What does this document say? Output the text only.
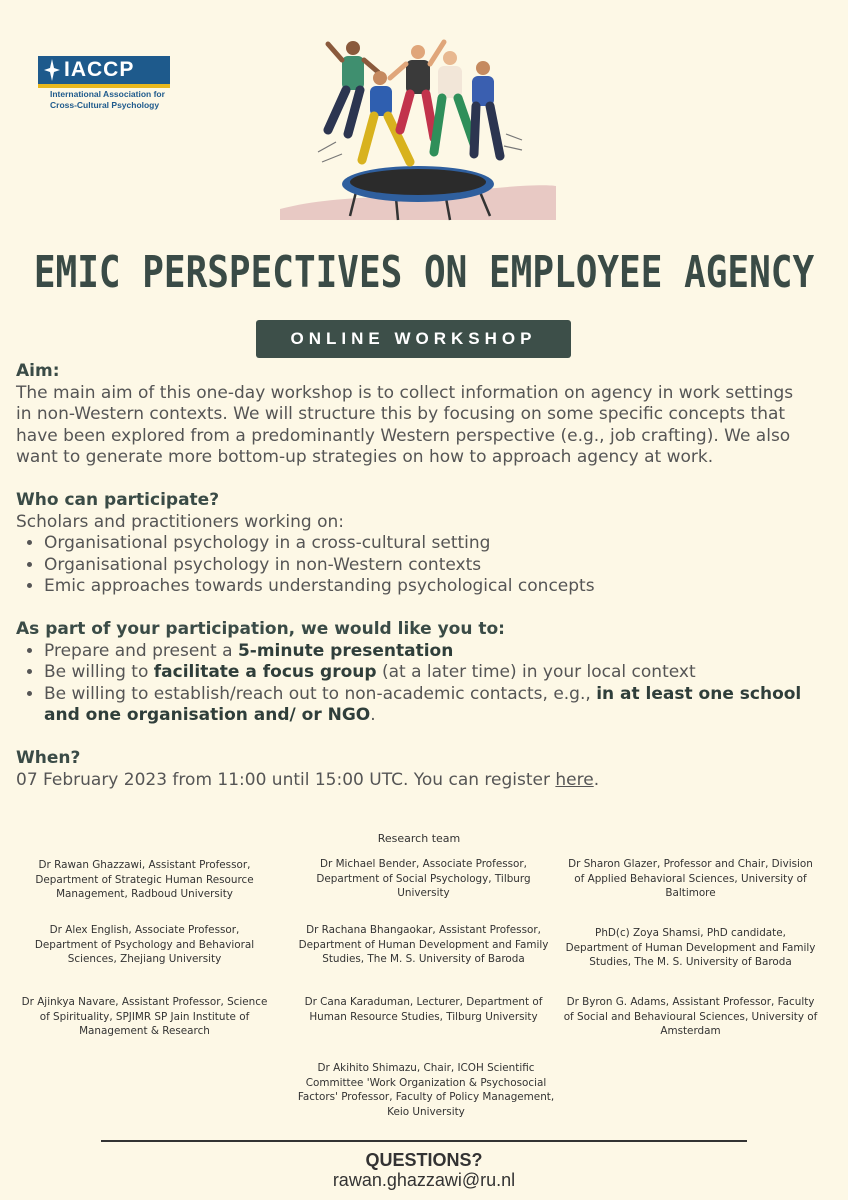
IACCP
International Association for
Cross-Cultural Psychology
EMIC PERSPECTIVES ON EMPLOYEE AGENCY
ONLINE WORKSHOP
Aim:

The main aim of this one-day workshop is to collect information on agency in work settings in non-Western contexts. We will structure this by focusing on some specific concepts that have been explored from a predominantly Western perspective (e.g., job crafting). We also want to generate more bottom-up strategies on how to approach agency at work.

Who can participate?

Scholars and practitioners working on:

• Organisational psychology in a cross-cultural setting
• Organisational psychology in non-Western contexts
• Emic approaches towards understanding psychological concepts
As part of your participation, we would like you to:
• Prepare and present a 5-minute presentation
• Be willing to facilitate a focus group (at a later time) in your local context
• Be willing to establish/reach out to non-academic contacts, e.g., in at least one school and one organisation and/ or NGO.
When?

07 February 2023 from 11:00 until 15:00 UTC. You can register here.

Research team
Dr Rawan Ghazzawi, Assistant Professor, Department of Strategic Human Resource Management, Radboud University
Dr Michael Bender, Associate Professor, Department of Social Psychology, Tilburg University
Dr Sharon Glazer, Professor and Chair, Division of Applied Behavioral Sciences, University of Baltimore
Dr Alex English, Associate Professor, Department of Psychology and Behavioral Sciences, Zhejiang University
Dr Rachana Bhangaokar, Assistant Professor, Department of Human Development and Family Studies, The M. S. University of Baroda
PhD(c) Zoya Shamsi, PhD candidate, Department of Human Development and Family Studies, The M. S. University of Baroda
Dr Ajinkya Navare, Assistant Professor, Science of Spirituality, SPJIMR SP Jain Institute of Management & Research
Dr Cana Karaduman, Lecturer, Department of Human Resource Studies, Tilburg University
Dr Byron G. Adams, Assistant Professor, Faculty of Social and Behavioural Sciences, University of Amsterdam
Dr Akihito Shimazu, Chair, ICOH Scientific Committee 'Work Organization & Psychosocial Factors' Professor, Faculty of Policy Management, Keio University
QUESTIONS?
rawan.ghazzawi@ru.nl
